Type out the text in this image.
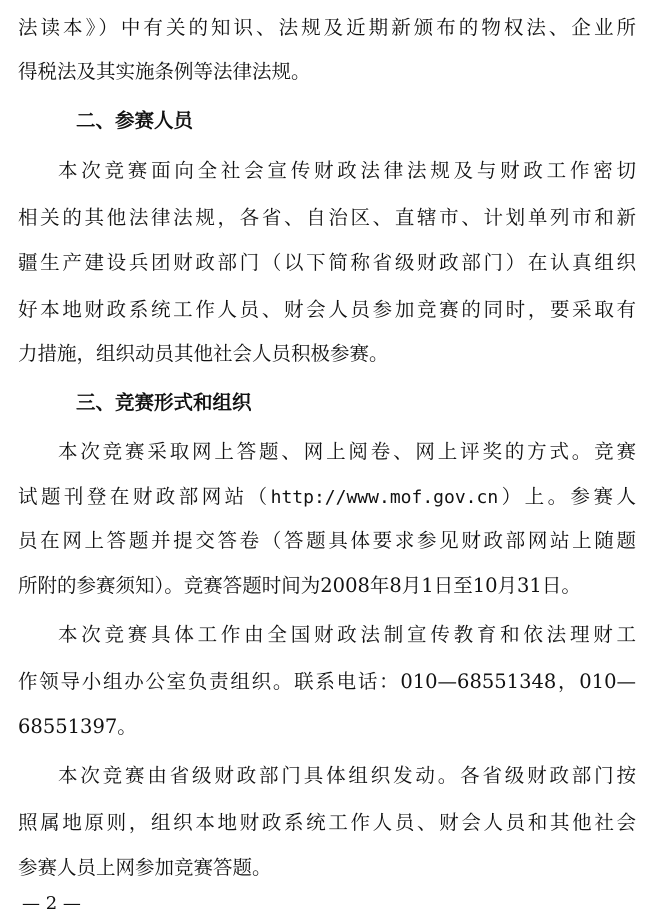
法读本》）中有关的知识、法规及近期新颁布的物权法、企业所
得税法及其实施条例等法律法规。
二、参赛人员
本次竞赛面向全社会宣传财政法律法规及与财政工作密切
相关的其他法律法规，各省、自治区、直辖市、计划单列市和新
疆生产建设兵团财政部门（以下简称省级财政部门）在认真组织
好本地财政系统工作人员、财会人员参加竞赛的同时，要采取有
力措施，组织动员其他社会人员积极参赛。
三、竞赛形式和组织
本次竞赛采取网上答题、网上阅卷、网上评奖的方式。竞赛
试题刊登在财政部网站（http://www.mof.gov.cn）上。参赛人
员在网上答题并提交答卷（答题具体要求参见财政部网站上随题
所附的参赛须知）。竞赛答题时间为2008年8月1日至10月31日。
本次竞赛具体工作由全国财政法制宣传教育和依法理财工
作领导小组办公室负责组织。联系电话：010—68551348，010—
68551397。
本次竞赛由省级财政部门具体组织发动。各省级财政部门按
照属地原则，组织本地财政系统工作人员、财会人员和其他社会
参赛人员上网参加竞赛答题。
— 2 —
